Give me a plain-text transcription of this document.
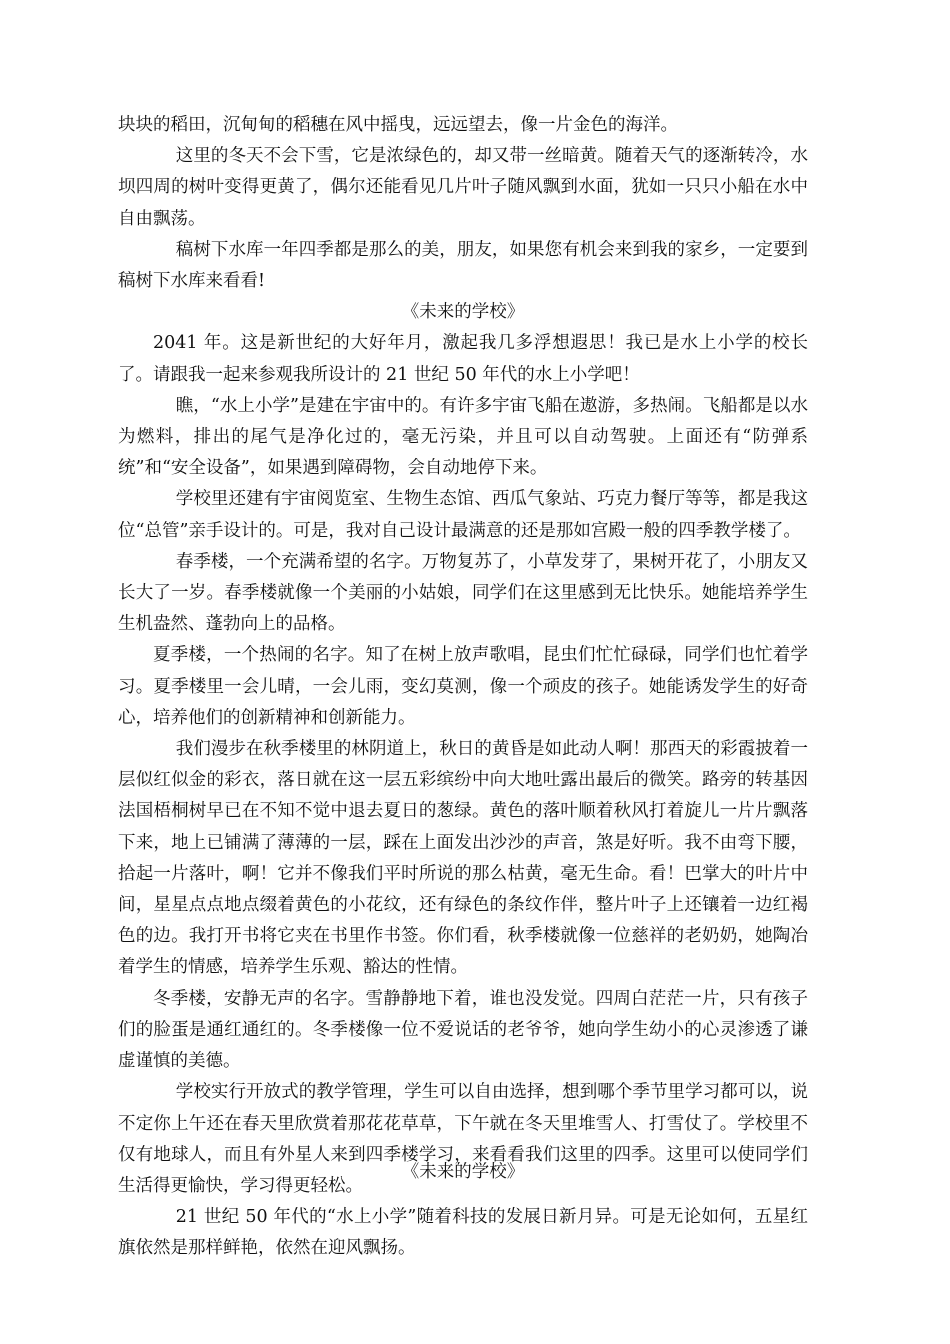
块块的稻田，沉甸甸的稻穗在风中摇曳，远远望去，像一片金色的海洋。

这里的冬天不会下雪，它是浓绿色的，却又带一丝暗黄。随着天气的逐渐转冷，水坝四周的树叶变得更黄了，偶尔还能看见几片叶子随风飘到水面，犹如一只只小船在水中自由飘荡。

稿树下水库一年四季都是那么的美，朋友，如果您有机会来到我的家乡，一定要到稿树下水库来看看!

《未来的学校》

2041 年。这是新世纪的大好年月，激起我几多浮想遐思！我已是水上小学的校长了。请跟我一起来参观我所设计的 21 世纪 50 年代的水上小学吧！

瞧，“水上小学”是建在宇宙中的。有许多宇宙飞船在遨游，多热闹。飞船都是以水为燃料，排出的尾气是净化过的，毫无污染，并且可以自动驾驶。上面还有“防弹系统”和“安全设备”，如果遇到障碍物，会自动地停下来。

学校里还建有宇宙阅览室、生物生态馆、西瓜气象站、巧克力餐厅等等，都是我这位“总管”亲手设计的。可是，我对自己设计最满意的还是那如宫殿一般的四季教学楼了。

春季楼，一个充满希望的名字。万物复苏了，小草发芽了，果树开花了，小朋友又长大了一岁。春季楼就像一个美丽的小姑娘，同学们在这里感到无比快乐。她能培养学生生机盎然、蓬勃向上的品格。

夏季楼，一个热闹的名字。知了在树上放声歌唱，昆虫们忙忙碌碌，同学们也忙着学习。夏季楼里一会儿晴，一会儿雨，变幻莫测，像一个顽皮的孩子。她能诱发学生的好奇心，培养他们的创新精神和创新能力。

我们漫步在秋季楼里的林阴道上，秋日的黄昏是如此动人啊！那西天的彩霞披着一层似红似金的彩衣，落日就在这一层五彩缤纷中向大地吐露出最后的微笑。路旁的转基因法国梧桐树早已在不知不觉中退去夏日的葱绿。黄色的落叶顺着秋风打着旋儿一片片飘落下来，地上已铺满了薄薄的一层，踩在上面发出沙沙的声音，煞是好听。我不由弯下腰，拾起一片落叶，啊！它并不像我们平时所说的那么枯黄，毫无生命。看！巴掌大的叶片中间，星星点点地点缀着黄色的小花纹，还有绿色的条纹作伴，整片叶子上还镶着一边红褐色的边。我打开书将它夹在书里作书签。你们看，秋季楼就像一位慈祥的老奶奶，她陶冶着学生的情感，培养学生乐观、豁达的性情。

冬季楼，安静无声的名字。雪静静地下着，谁也没发觉。四周白茫茫一片，只有孩子们的脸蛋是通红通红的。冬季楼像一位不爱说话的老爷爷，她向学生幼小的心灵渗透了谦虚谨慎的美德。

学校实行开放式的教学管理，学生可以自由选择，想到哪个季节里学习都可以，说不定你上午还在春天里欣赏着那花花草草，下午就在冬天里堆雪人、打雪仗了。学校里不仅有地球人，而且有外星人来到四季楼学习，来看看我们这里的四季。这里可以使同学们生活得更愉快，学习得更轻松。

21 世纪 50 年代的“水上小学”随着科技的发展日新月异。可是无论如何，五星红旗依然是那样鲜艳，依然在迎风飘扬。

《未来的学校》
